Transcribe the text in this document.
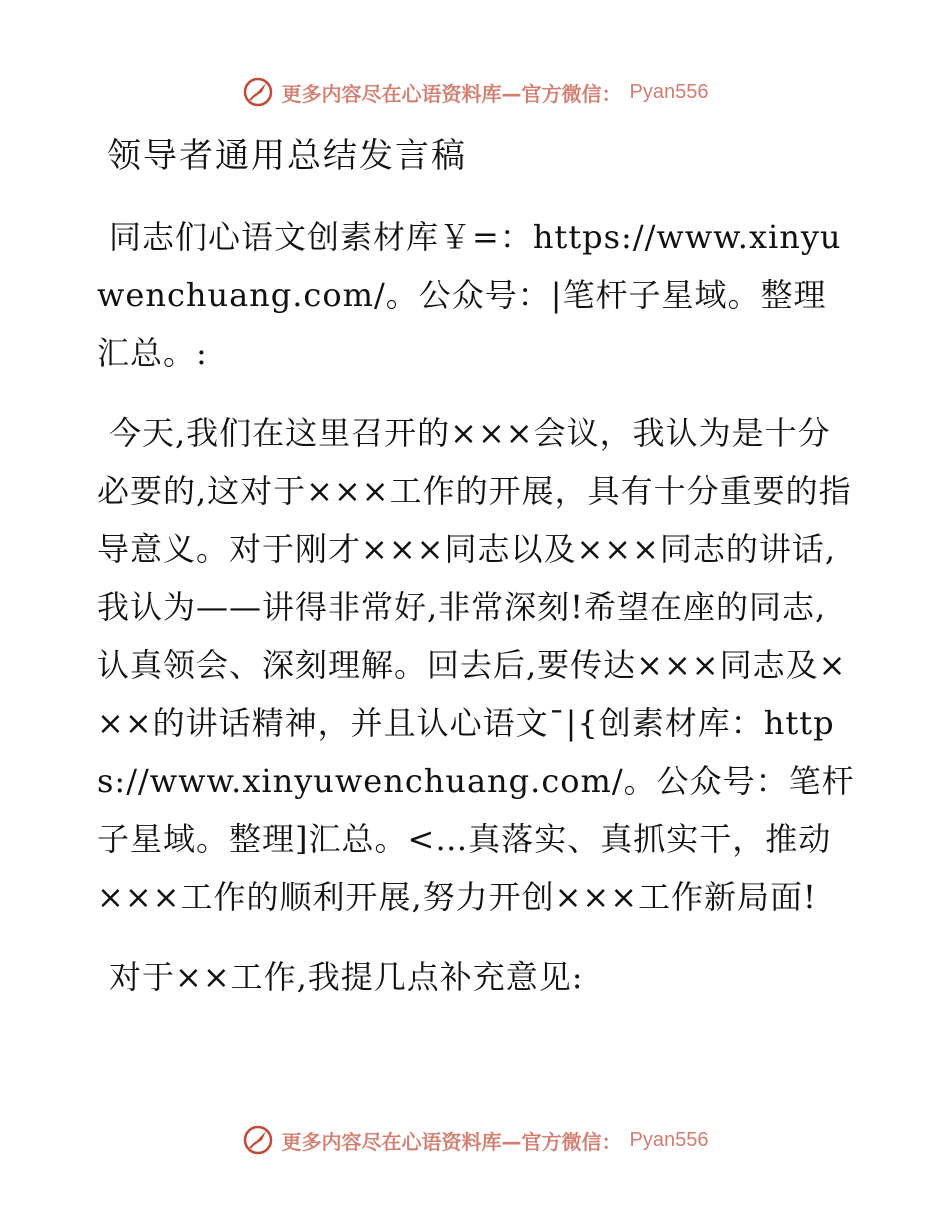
更多内容尽在心语资料库—官方微信： Pyan556
领导者通用总结发言稿

同志们心语文创素材库￥=：https://www.xinyuwenchuang.com/。公众号：|笔杆子星域。整理汇总。:

今天,我们在这里召开的×××会议，我认为是十分必要的,这对于×××工作的开展，具有十分重要的指导意义。对于刚才×××同志以及×××同志的讲话,我认为——讲得非常好,非常深刻!希望在座的同志,认真领会、深刻理解。回去后,要传达×××同志及×××的讲话精神，并且认心语文¯|{创素材库：https://www.xinyuwenchuang.com/。公众号：笔杆子星域。整理]汇总。<…真落实、真抓实干，推动×××工作的顺利开展,努力开创×××工作新局面!

对于××工作,我提几点补充意见:

更多内容尽在心语资料库—官方微信： Pyan556
